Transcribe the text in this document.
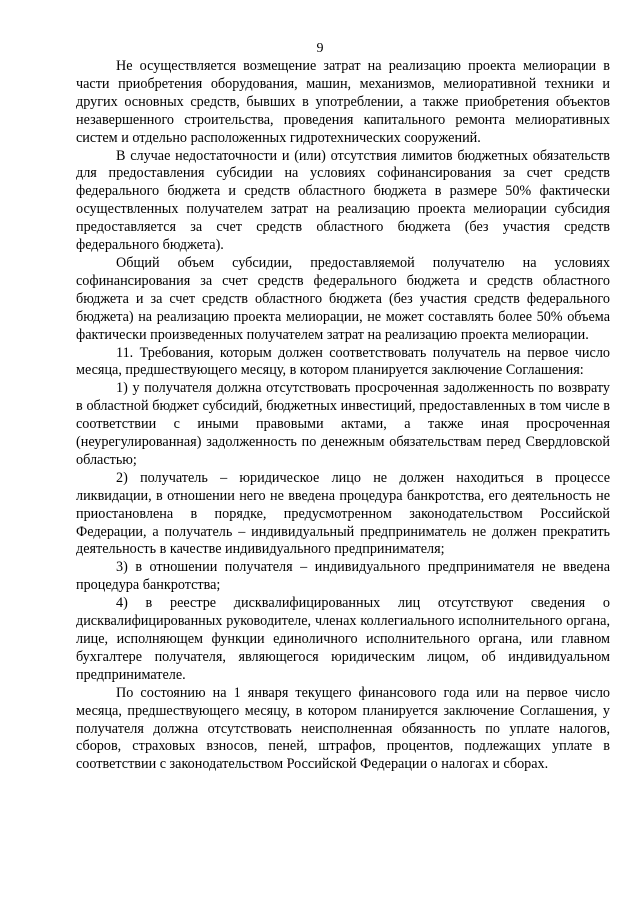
9

Не осуществляется возмещение затрат на реализацию проекта мелиорации в части приобретения оборудования, машин, механизмов, мелиоративной техники и других основных средств, бывших в употреблении, а также приобретения объектов незавершенного строительства, проведения капитального ремонта мелиоративных систем и отдельно расположенных гидротехнических сооружений.

В случае недостаточности и (или) отсутствия лимитов бюджетных обязательств для предоставления субсидии на условиях софинансирования за счет средств федерального бюджета и средств областного бюджета в размере 50% фактически осуществленных получателем затрат на реализацию проекта мелиорации субсидия предоставляется за счет средств областного бюджета (без участия средств федерального бюджета).

Общий объем субсидии, предоставляемой получателю на условиях софинансирования за счет средств федерального бюджета и средств областного бюджета и за счет средств областного бюджета (без участия средств федерального бюджета) на реализацию проекта мелиорации, не может составлять более 50% объема фактически произведенных получателем затрат на реализацию проекта мелиорации.

11. Требования, которым должен соответствовать получатель на первое число месяца, предшествующего месяцу, в котором планируется заключение Соглашения:

1) у получателя должна отсутствовать просроченная задолженность по возврату в областной бюджет субсидий, бюджетных инвестиций, предоставленных в том числе в соответствии с иными правовыми актами, а также иная просроченная (неурегулированная) задолженность по денежным обязательствам перед Свердловской областью;

2) получатель – юридическое лицо не должен находиться в процессе ликвидации, в отношении него не введена процедура банкротства, его деятельность не приостановлена в порядке, предусмотренном законодательством Российской Федерации, а получатель – индивидуальный предприниматель не должен прекратить деятельность в качестве индивидуального предпринимателя;

3) в отношении получателя – индивидуального предпринимателя не введена процедура банкротства;

4) в реестре дисквалифицированных лиц отсутствуют сведения о дисквалифицированных руководителе, членах коллегиального исполнительного органа, лице, исполняющем функции единоличного исполнительного органа, или главном бухгалтере получателя, являющегося юридическим лицом, об индивидуальном предпринимателе.

По состоянию на 1 января текущего финансового года или на первое число месяца, предшествующего месяцу, в котором планируется заключение Соглашения, у получателя должна отсутствовать неисполненная обязанность по уплате налогов, сборов, страховых взносов, пеней, штрафов, процентов, подлежащих уплате в соответствии с законодательством Российской Федерации о налогах и сборах.
